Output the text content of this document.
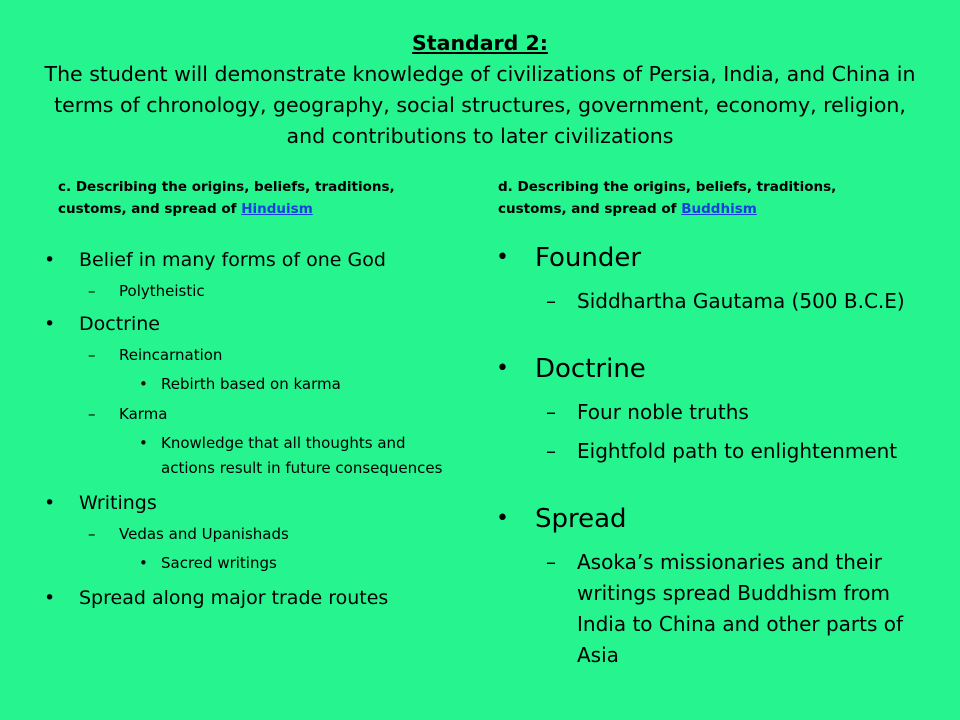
Standard 2:
The student will demonstrate knowledge of civilizations of Persia, India, and China in terms of chronology, geography, social structures, government, economy, religion, and contributions to later civilizations
c. Describing the origins, beliefs, traditions, customs, and spread of Hinduism
d. Describing the origins, beliefs, traditions, customs, and spread of Buddhism
• Belief in many forms of one God
– Polytheistic
• Doctrine
– Reincarnation
• Rebirth based on karma
– Karma
• Knowledge that all thoughts and actions result in future consequences
• Writings
– Vedas and Upanishads
• Sacred writings
• Spread along major trade routes
• Founder
– Siddhartha Gautama (500 B.C.E)
• Doctrine
– Four noble truths
– Eightfold path to enlightenment
• Spread
– Asoka’s missionaries and their writings spread Buddhism from India to China and other parts of Asia
